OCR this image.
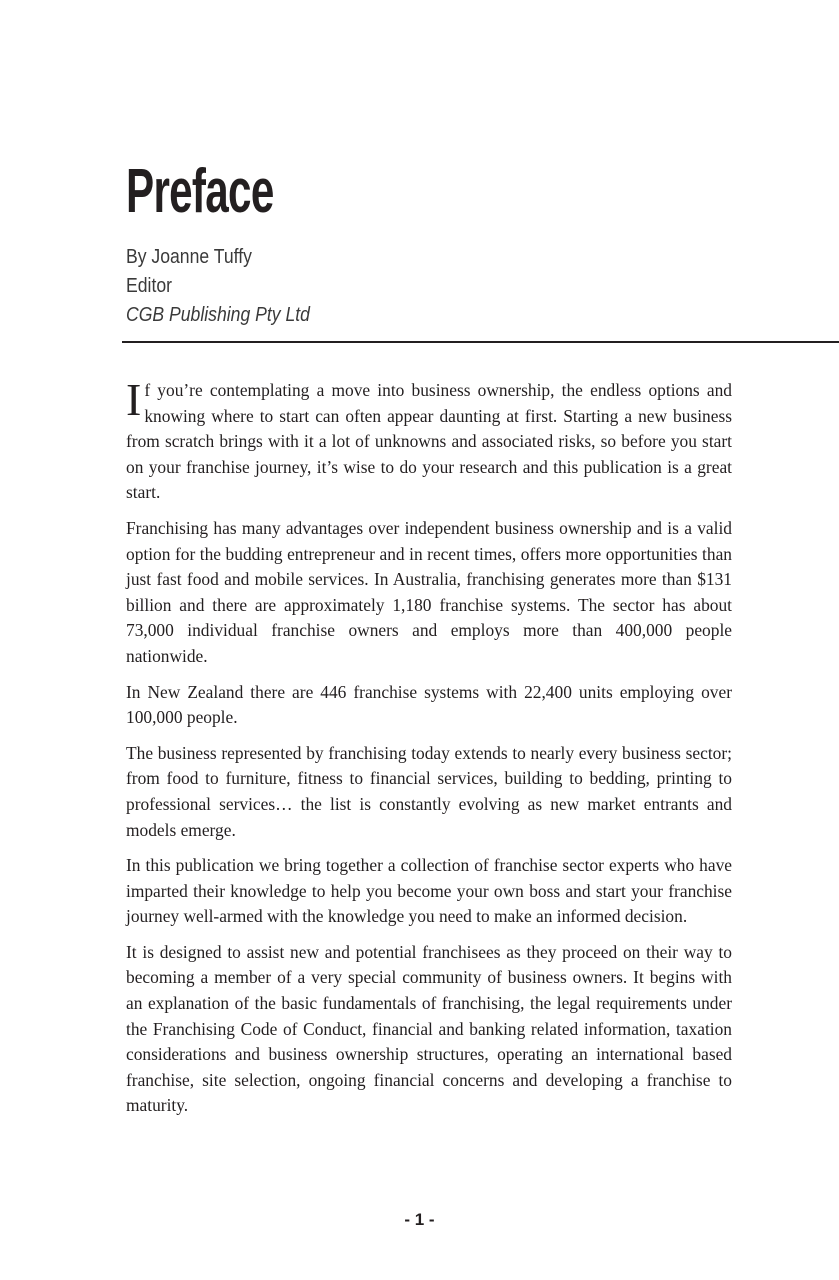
Preface
By Joanne Tuffy
Editor
CGB Publishing Pty Ltd

If you’re contemplating a move into business ownership, the endless options and knowing where to start can often appear daunting at first. Starting a new business from scratch brings with it a lot of unknowns and associated risks, so before you start on your franchise journey, it’s wise to do your research and this publication is a great start.

Franchising has many advantages over independent business ownership and is a valid option for the budding entrepreneur and in recent times, offers more opportunities than just fast food and mobile services. In Australia, franchising generates more than $131 billion and there are approximately 1,180 franchise systems. The sector has about 73,000 individual franchise owners and employs more than 400,000 people nationwide.

In New Zealand there are 446 franchise systems with 22,400 units employing over 100,000 people.

The business represented by franchising today extends to nearly every business sector; from food to furniture, fitness to financial services, building to bedding, printing to professional services… the list is constantly evolving as new market entrants and models emerge.

In this publication we bring together a collection of franchise sector experts who have imparted their knowledge to help you become your own boss and start your franchise journey well-armed with the knowledge you need to make an informed decision.

It is designed to assist new and potential franchisees as they proceed on their way to becoming a member of a very special community of business owners. It begins with an explanation of the basic fundamentals of franchising, the legal requirements under the Franchising Code of Conduct, financial and banking related information, taxation considerations and business ownership structures, operating an international based franchise, site selection, ongoing financial concerns and developing a franchise to maturity.

- 1 -
